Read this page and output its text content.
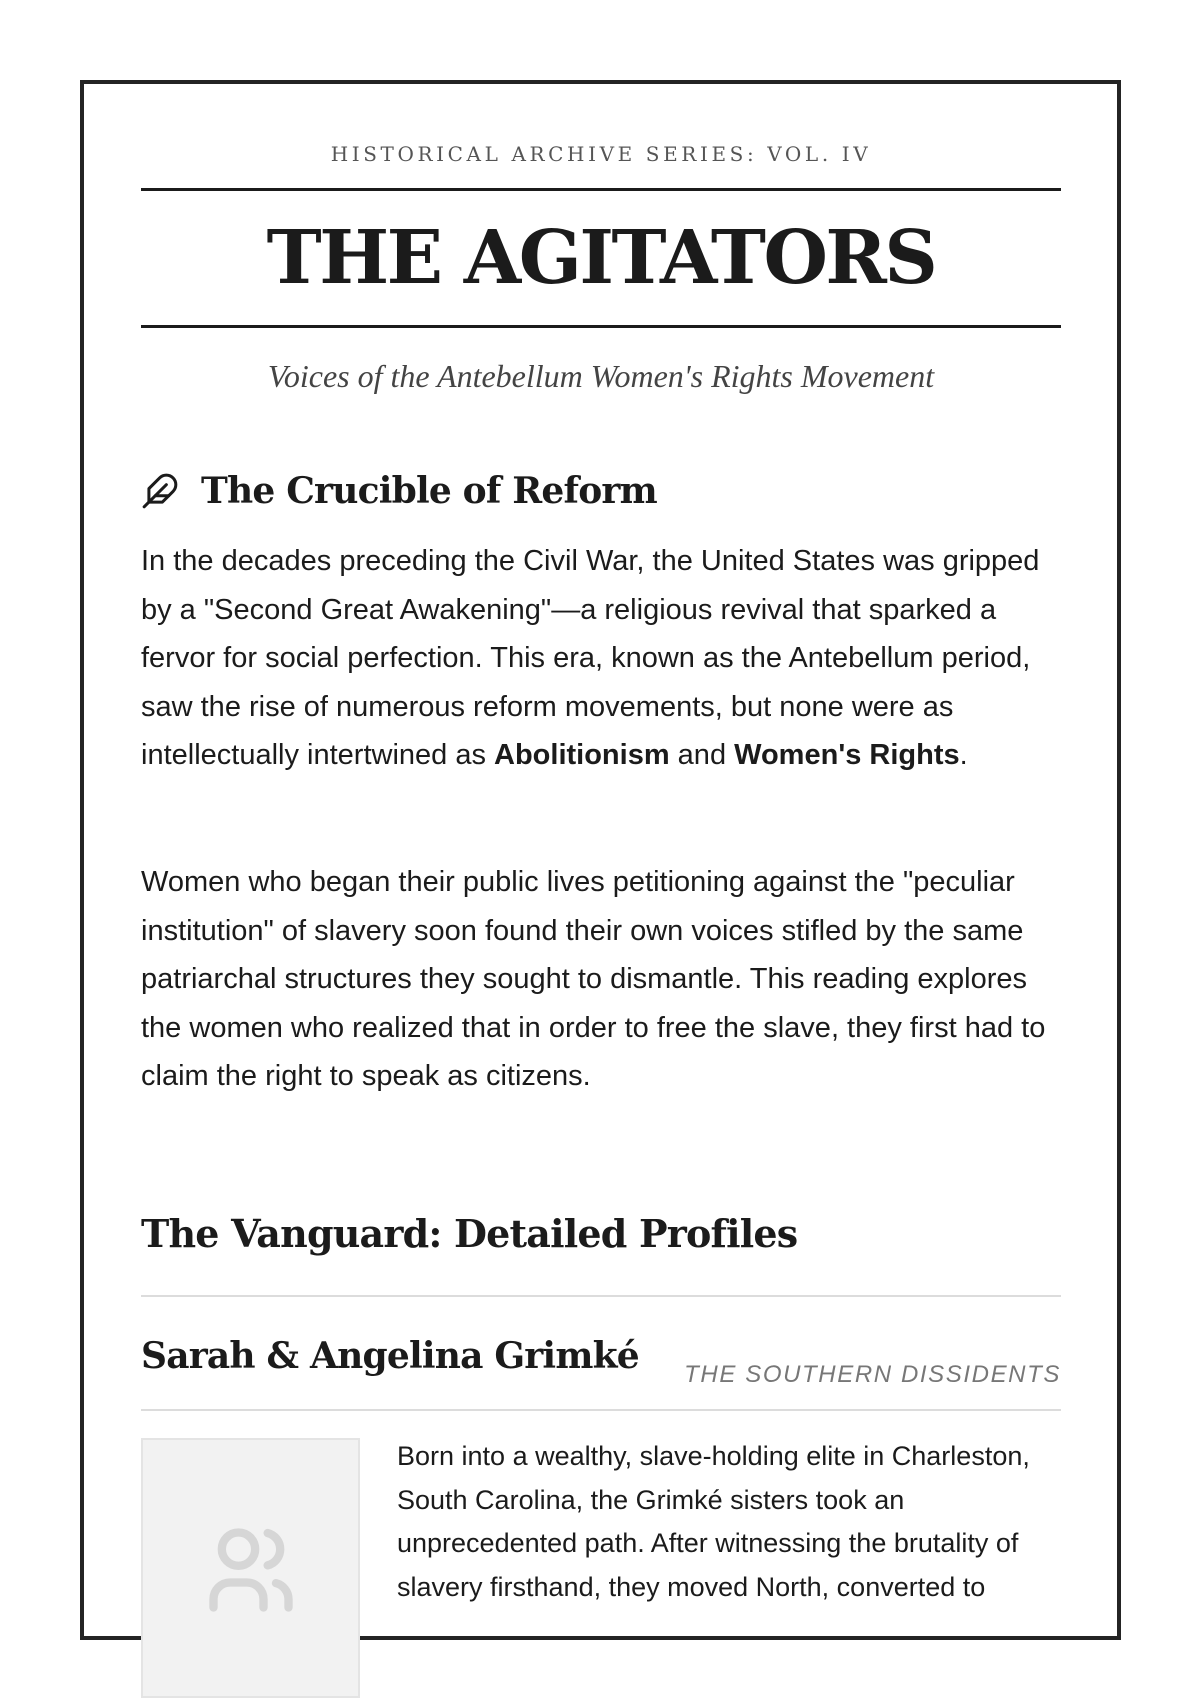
HISTORICAL ARCHIVE SERIES: VOL. IV
THE AGITATORS
Voices of the Antebellum Women's Rights Movement
The Crucible of Reform

In the decades preceding the Civil War, the United States was gripped by a "Second Great Awakening"—a religious revival that sparked a fervor for social perfection. This era, known as the Antebellum period, saw the rise of numerous reform movements, but none were as intellectually intertwined as Abolitionism and Women's Rights.

Women who began their public lives petitioning against the "peculiar institution" of slavery soon found their own voices stifled by the same patriarchal structures they sought to dismantle. This reading explores the women who realized that in order to free the slave, they first had to claim the right to speak as citizens.

The Vanguard: Detailed Profiles
Sarah & Angelina Grimké THE SOUTHERN DISSIDENTS

Born into a wealthy, slave-holding elite in Charleston, South Carolina, the Grimké sisters took an unprecedented path. After witnessing the brutality of slavery firsthand, they moved North, converted to
